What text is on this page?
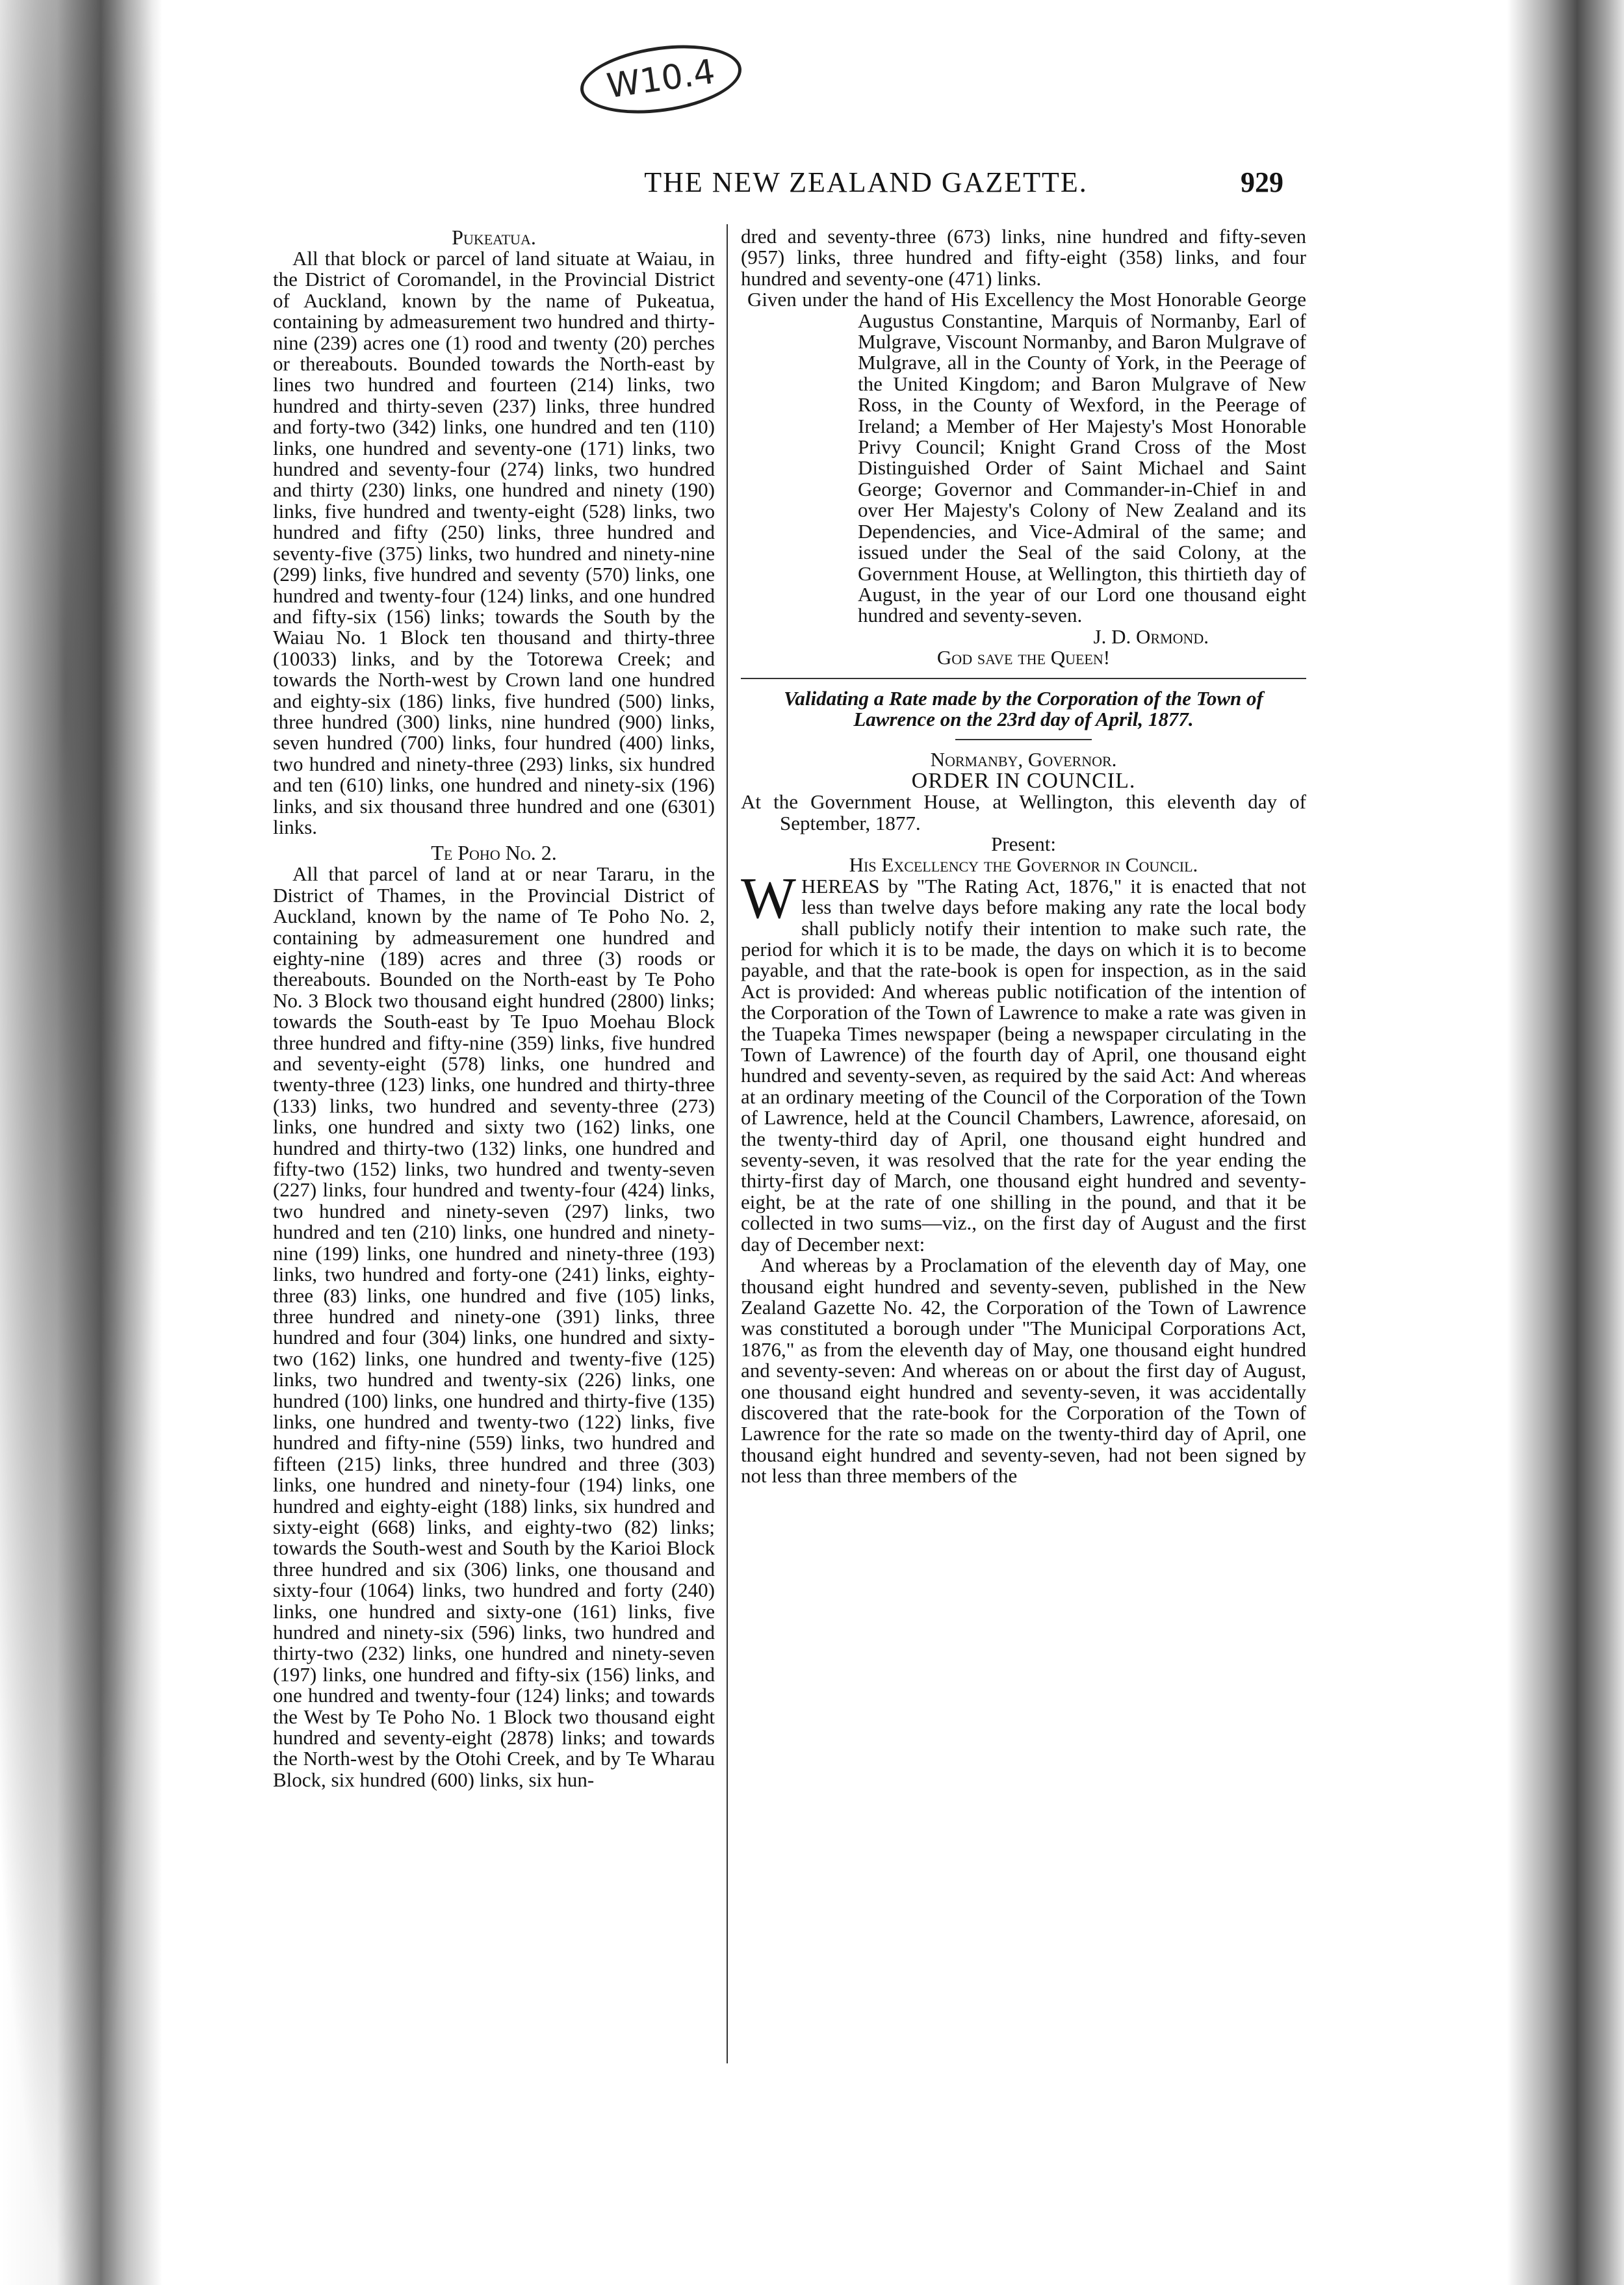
W10.4
THE NEW ZEALAND GAZETTE.	929
Pukeatua.

All that block or parcel of land situate at Waiau, in the District of Coromandel, in the Provincial District of Auckland, known by the name of Pukeatua, containing by admeasurement two hundred and thirty-nine (239) acres one (1) rood and twenty (20) perches or thereabouts. Bounded towards the North-east by lines two hundred and fourteen (214) links, two hundred and thirty-seven (237) links, three hundred and forty-two (342) links, one hundred and ten (110) links, one hundred and seventy-one (171) links, two hundred and seventy-four (274) links, two hundred and thirty (230) links, one hundred and ninety (190) links, five hundred and twenty-eight (528) links, two hundred and fifty (250) links, three hundred and seventy-five (375) links, two hundred and ninety-nine (299) links, five hundred and seventy (570) links, one hundred and twenty-four (124) links, and one hundred and fifty-six (156) links; towards the South by the Waiau No. 1 Block ten thousand and thirty-three (10033) links, and by the Totorewa Creek; and towards the North-west by Crown land one hundred and eighty-six (186) links, five hundred (500) links, three hundred (300) links, nine hundred (900) links, seven hundred (700) links, four hundred (400) links, two hundred and ninety-three (293) links, six hundred and ten (610) links, one hundred and ninety-six (196) links, and six thousand three hundred and one (6301) links.

Te Poho No. 2.

All that parcel of land at or near Tararu, in the District of Thames, in the Provincial District of Auckland, known by the name of Te Poho No. 2, containing by admeasurement one hundred and eighty-nine (189) acres and three (3) roods or thereabouts. Bounded on the North-east by Te Poho No. 3 Block two thousand eight hundred (2800) links; towards the South-east by Te Ipuo Moehau Block three hundred and fifty-nine (359) links, five hundred and seventy-eight (578) links, one hundred and twenty-three (123) links, one hundred and thirty-three (133) links, two hundred and seventy-three (273) links, one hundred and sixty two (162) links, one hundred and thirty-two (132) links, one hundred and fifty-two (152) links, two hundred and twenty-seven (227) links, four hundred and twenty-four (424) links, two hundred and ninety-seven (297) links, two hundred and ten (210) links, one hundred and ninety-nine (199) links, one hundred and ninety-three (193) links, two hundred and forty-one (241) links, eighty-three (83) links, one hundred and five (105) links, three hundred and ninety-one (391) links, three hundred and four (304) links, one hundred and sixty-two (162) links, one hundred and twenty-five (125) links, two hundred and twenty-six (226) links, one hundred (100) links, one hundred and thirty-five (135) links, one hundred and twenty-two (122) links, five hundred and fifty-nine (559) links, two hundred and fifteen (215) links, three hundred and three (303) links, one hundred and ninety-four (194) links, one hundred and eighty-eight (188) links, six hundred and sixty-eight (668) links, and eighty-two (82) links; towards the South-west and South by the Karioi Block three hundred and six (306) links, one thousand and sixty-four (1064) links, two hundred and forty (240) links, one hundred and sixty-one (161) links, five hundred and ninety-six (596) links, two hundred and thirty-two (232) links, one hundred and ninety-seven (197) links, one hundred and fifty-six (156) links, and one hundred and twenty-four (124) links; and towards the West by Te Poho No. 1 Block two thousand eight hundred and seventy-eight (2878) links; and towards the North-west by the Otohi Creek, and by Te Wharau Block, six hundred (600) links, six hun-

dred and seventy-three (673) links, nine hundred and fifty-seven (957) links, three hundred and fifty-eight (358) links, and four hundred and seventy-one (471) links.

Given under the hand of His Excellency the Most Honorable George Augustus Constantine, Marquis of Normanby, Earl of Mulgrave, Viscount Normanby, and Baron Mulgrave of Mulgrave, all in the County of York, in the Peerage of the United Kingdom; and Baron Mulgrave of New Ross, in the County of Wexford, in the Peerage of Ireland; a Member of Her Majesty's Most Honorable Privy Council; Knight Grand Cross of the Most Distinguished Order of Saint Michael and Saint George; Governor and Commander-in-Chief in and over Her Majesty's Colony of New Zealand and its Dependencies, and Vice-Admiral of the same; and issued under the Seal of the said Colony, at the Government House, at Wellington, this thirtieth day of August, in the year of our Lord one thousand eight hundred and seventy-seven.

J. D. Ormond.

God save the Queen!

Validating a Rate made by the Corporation of the Town of Lawrence on the 23rd day of April, 1877.

Normanby, Governor.

ORDER IN COUNCIL.

At the Government House, at Wellington, this eleventh day of September, 1877.

Present:

His Excellency the Governor in Council.

WHEREAS by "The Rating Act, 1876," it is enacted that not less than twelve days before making any rate the local body shall publicly notify their intention to make such rate, the period for which it is to be made, the days on which it is to become payable, and that the rate-book is open for inspection, as in the said Act is provided: And whereas public notification of the intention of the Corporation of the Town of Lawrence to make a rate was given in the Tuapeka Times newspaper (being a newspaper circulating in the Town of Lawrence) of the fourth day of April, one thousand eight hundred and seventy-seven, as required by the said Act: And whereas at an ordinary meeting of the Council of the Corporation of the Town of Lawrence, held at the Council Chambers, Lawrence, aforesaid, on the twenty-third day of April, one thousand eight hundred and seventy-seven, it was resolved that the rate for the year ending the thirty-first day of March, one thousand eight hundred and seventy-eight, be at the rate of one shilling in the pound, and that it be collected in two sums—viz., on the first day of August and the first day of December next:

And whereas by a Proclamation of the eleventh day of May, one thousand eight hundred and seventy-seven, published in the New Zealand Gazette No. 42, the Corporation of the Town of Lawrence was constituted a borough under "The Municipal Corporations Act, 1876," as from the eleventh day of May, one thousand eight hundred and seventy-seven: And whereas on or about the first day of August, one thousand eight hundred and seventy-seven, it was accidentally discovered that the rate-book for the Corporation of the Town of Lawrence for the rate so made on the twenty-third day of April, one thousand eight hundred and seventy-seven, had not been signed by not less than three members of the
